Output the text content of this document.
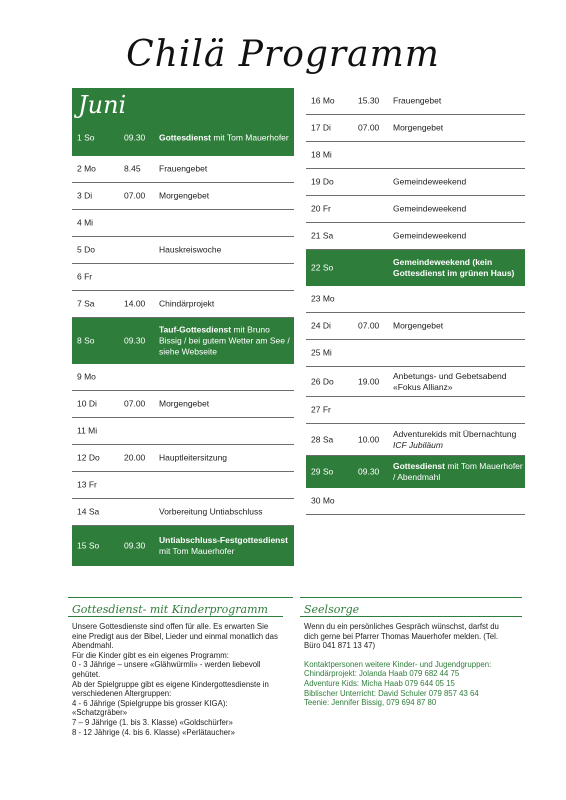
Chilä Programm
Juni
1 So	09.30 Gottesdienst mit Tom Mauerhofer
2 Mo	8.45 Frauengebet
3 Di	07.00 Morgengebet
4 Mi
5 Do	Hauskreiswoche
6 Fr
7 Sa	14.00 Chindärprojekt
8 So	09.30
Tauf-Gottesdienst mit Bruno Bissig / bei gutem Wetter am See / siehe Webseite
9 Mo
10 Di	07.00 Morgengebet
11 Mi
12 Do	20.00 Hauptleitersitzung
13 Fr
14 Sa	Vorbereitung Untiabschluss
15 So	09.30
Untiabschluss-Festgottesdienst mit Tom Mauerhofer
16 Mo	15.30 Frauengebet
17 Di	07.00 Morgengebet
18 Mi
19 Do	Gemeindeweekend
20 Fr	Gemeindeweekend
21 Sa	Gemeindeweekend
22 So
Gemeindeweekend (kein Gottesdienst im grünen Haus)
23 Mo
24 Di	07.00 Morgengebet
25 Mi
26 Do	19.00
Anbetungs- und Gebetsabend «Fokus Allianz»
27 Fr
28 Sa	10.00
Adventurekids mit Übernachtung
ICF Jubiläum
29 So	09.30
Gottesdienst mit Tom Mauerhofer / Abendmahl
30 Mo
Gottesdienst- mit Kinderprogramm	Seelsorge
Unsere Gottesdienste sind offen für alle. Es erwarten Sie
eine Predigt aus der Bibel, Lieder und einmal monatlich das
Abendmahl.
Für die Kinder gibt es ein eigenes Programm:
0 - 3 Jährige – unsere «Glähwürmli» - werden liebevoll
gehütet.
Ab der Spielgruppe gibt es eigene Kindergottesdienste in
verschiedenen Altergruppen:
4 - 6 Jährige (Spielgruppe bis grosser KIGA):
«Schatzgräber»
7 – 9 Jährige (1. bis 3. Klasse) «Goldschürfer»
8 - 12 Jährige (4. bis 6. Klasse) «Perlätaucher»
Wenn du ein persönliches Gespräch wünschst, darfst du
dich gerne bei Pfarrer Thomas Mauerhofer melden. (Tel.
Büro 041 871 13 47)
Kontaktpersonen weitere Kinder- und Jugendgruppen:
Chindärprojekt: Jolanda Haab 079 682 44 75
Adventure Kids: Micha Haab 079 644 05 15
Biblischer Unterricht: David Schuler 079 857 43 64
Teenie: Jennifer Bissig, 079 694 87 80
